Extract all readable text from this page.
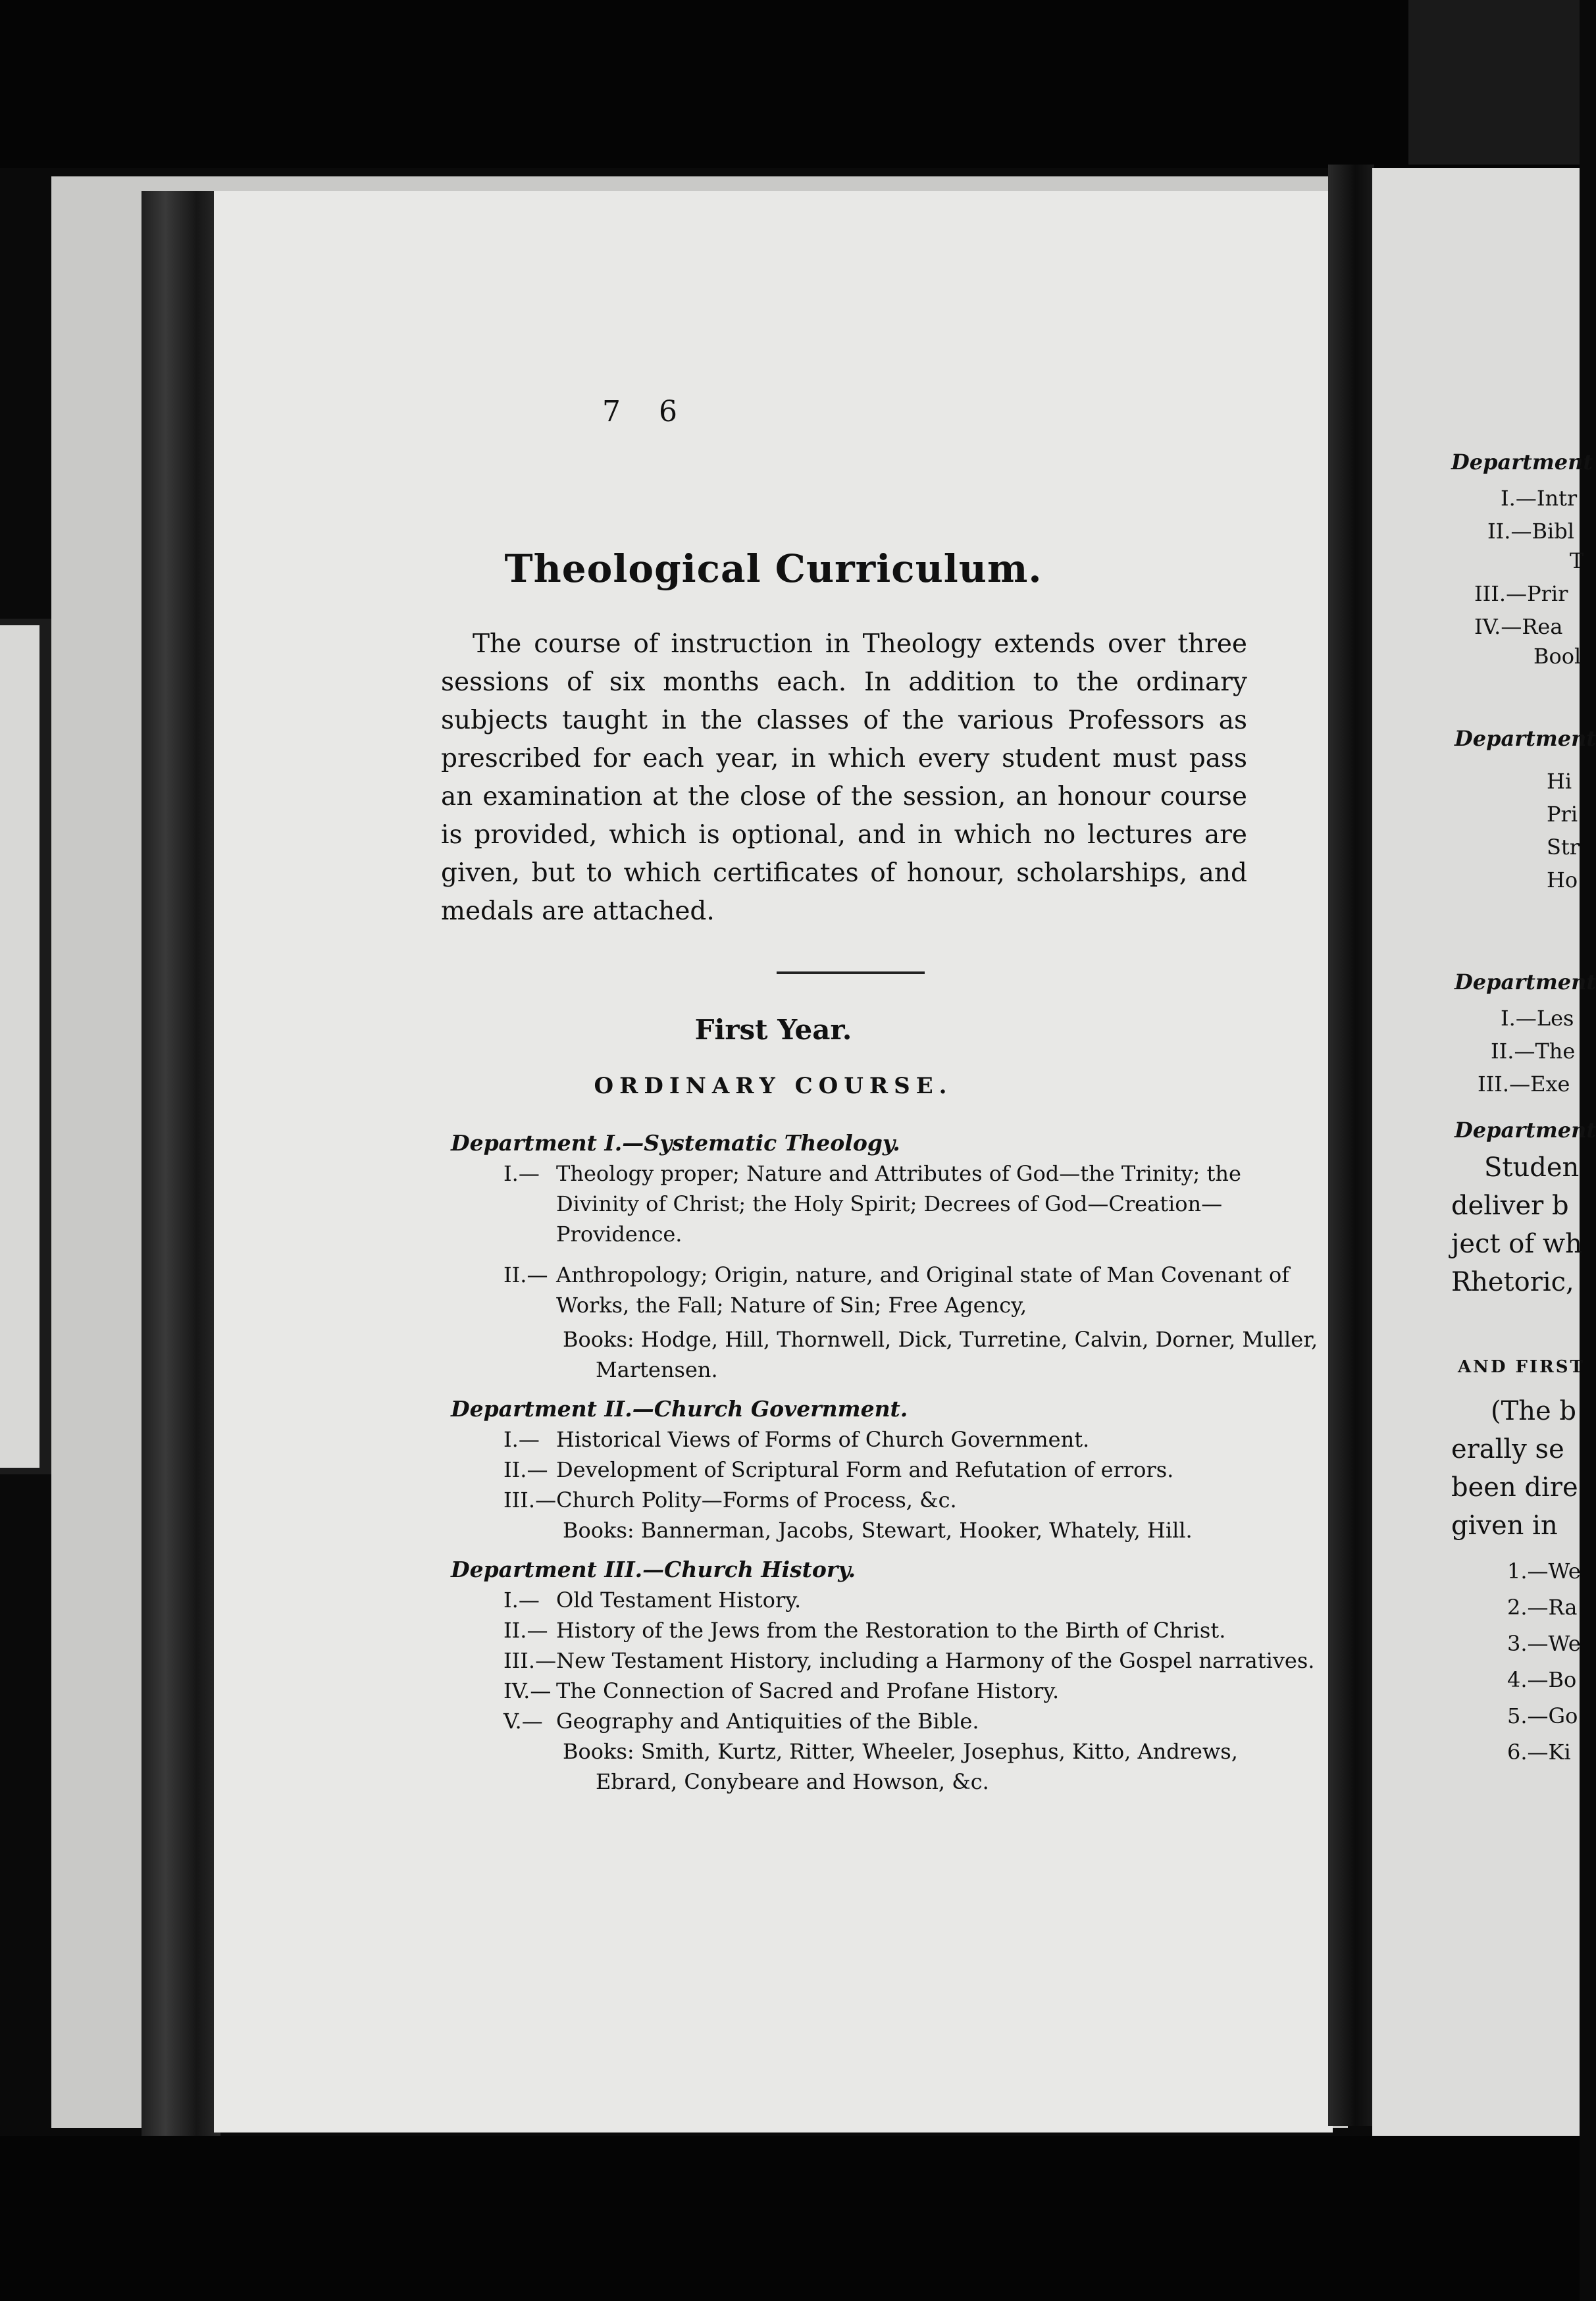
7 6
Theological Curriculum.

The course of instruction in Theology extends over three sessions of six months each. In addition to the ordinary subjects taught in the classes of the various Professors as prescribed for each year, in which every student must pass an examination at the close of the session, an honour course is provided, which is optional, and in which no lectures are given, but to which certificates of honour, scholarships, and medals are attached.

First Year.
ORDINARY COURSE.
Department I.—Systematic Theology.
I.— Theology proper; Nature and Attributes of God—the Trinity; the Divinity of Christ; the Holy Spirit; Decrees of God—Creation—Providence.
II.— Anthropology; Origin, nature, and Original state of Man Covenant of Works, the Fall; Nature of Sin; Free Agency,
Books: Hodge, Hill, Thornwell, Dick, Turretine, Calvin, Dorner, Muller, Martensen.
Department II.—Church Government.
I.— Historical Views of Forms of Church Government.
II.— Development of Scriptural Form and Refutation of errors.
III.—Church Polity—Forms of Process, &c.
Books: Bannerman, Jacobs, Stewart, Hooker, Whately, Hill.
Department III.—Church History.
I.— Old Testament History.
II.— History of the Jews from the Restoration to the Birth of Christ.
III.—New Testament History, including a Harmony of the Gospel narratives.
IV.— The Connection of Sacred and Profane History.
V.— Geography and Antiquities of the Bible.
Books: Smith, Kurtz, Ritter, Wheeler, Josephus, Kitto, Andrews, Ebrard, Conybeare and Howson, &c.
Department
I.—Intr
II.—Bibl
T
III.—Prir
IV.—Rea
Bool
Department
Hi
Pri
Str
Ho
Department
I.—Les
II.—The
III.—Exe
Department
Studen
deliver b
ject of wh
Rhetoric,
AND FIRST
(The b
erally se
been dire
given in
1.—We
2.—Ra
3.—We
4.—Bo
5.—Go
6.—Ki
